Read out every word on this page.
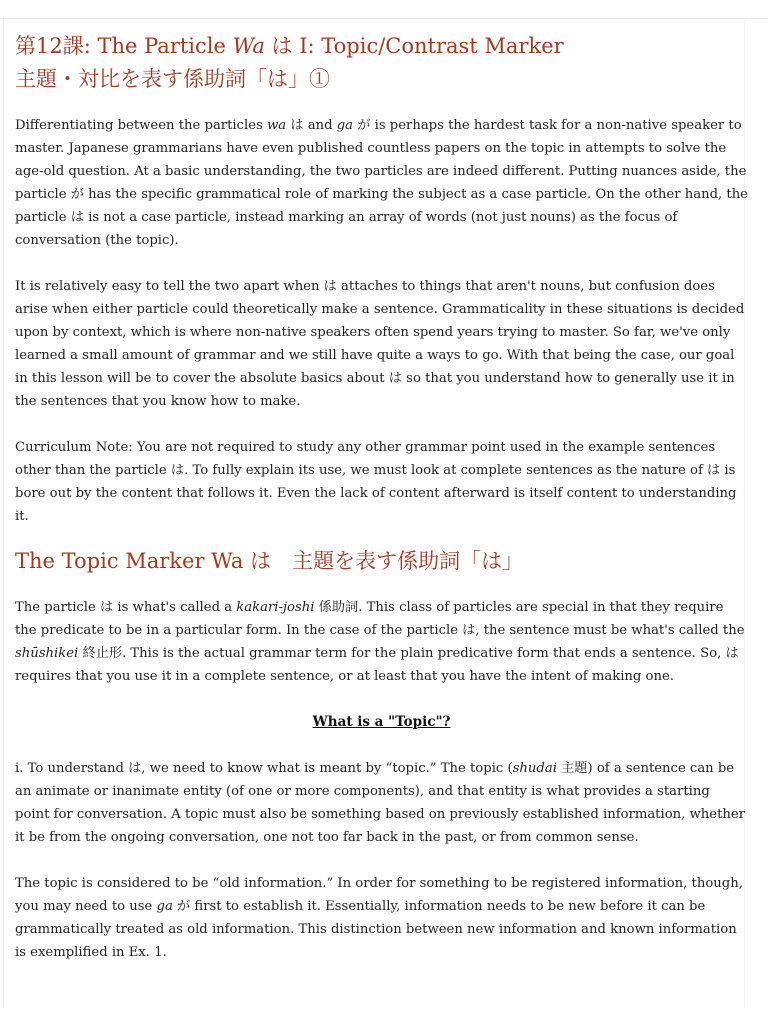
第12課: The Particle Wa は I: Topic/Contrast Marker
主題・対比を表す係助詞「は」①

Differentiating between the particles wa は and ga が is perhaps the hardest task for a non-native speaker to master. Japanese grammarians have even published countless papers on the topic in attempts to solve the age-old question. At a basic understanding, the two particles are indeed different. Putting nuances aside, the particle が has the specific grammatical role of marking the subject as a case particle. On the other hand, the particle は is not a case particle, instead marking an array of words (not just nouns) as the focus of conversation (the topic).

It is relatively easy to tell the two apart when は attaches to things that aren't nouns, but confusion does arise when either particle could theoretically make a sentence. Grammaticality in these situations is decided upon by context, which is where non-native speakers often spend years trying to master. So far, we've only learned a small amount of grammar and we still have quite a ways to go. With that being the case, our goal in this lesson will be to cover the absolute basics about は so that you understand how to generally use it in the sentences that you know how to make.

Curriculum Note: You are not required to study any other grammar point used in the example sentences other than the particle は. To fully explain its use, we must look at complete sentences as the nature of は is bore out by the content that follows it. Even the lack of content afterward is itself content to understanding it.

The Topic Marker Wa は　主題を表す係助詞「は」

The particle は is what's called a kakari-joshi 係助詞. This class of particles are special in that they require the predicate to be in a particular form. In the case of the particle は, the sentence must be what's called the shūshikei 終止形. This is the actual grammar term for the plain predicative form that ends a sentence. So, は requires that you use it in a complete sentence, or at least that you have the intent of making one.

What is a "Topic"?

i. To understand は, we need to know what is meant by “topic.” The topic (shudai 主題) of a sentence can be an animate or inanimate entity (of one or more components), and that entity is what provides a starting point for conversation. A topic must also be something based on previously established information, whether it be from the ongoing conversation, one not too far back in the past, or from common sense.

The topic is considered to be “old information.” In order for something to be registered information, though, you may need to use ga が first to establish it. Essentially, information needs to be new before it can be grammatically treated as old information. This distinction between new information and known information is exemplified in Ex. 1.
